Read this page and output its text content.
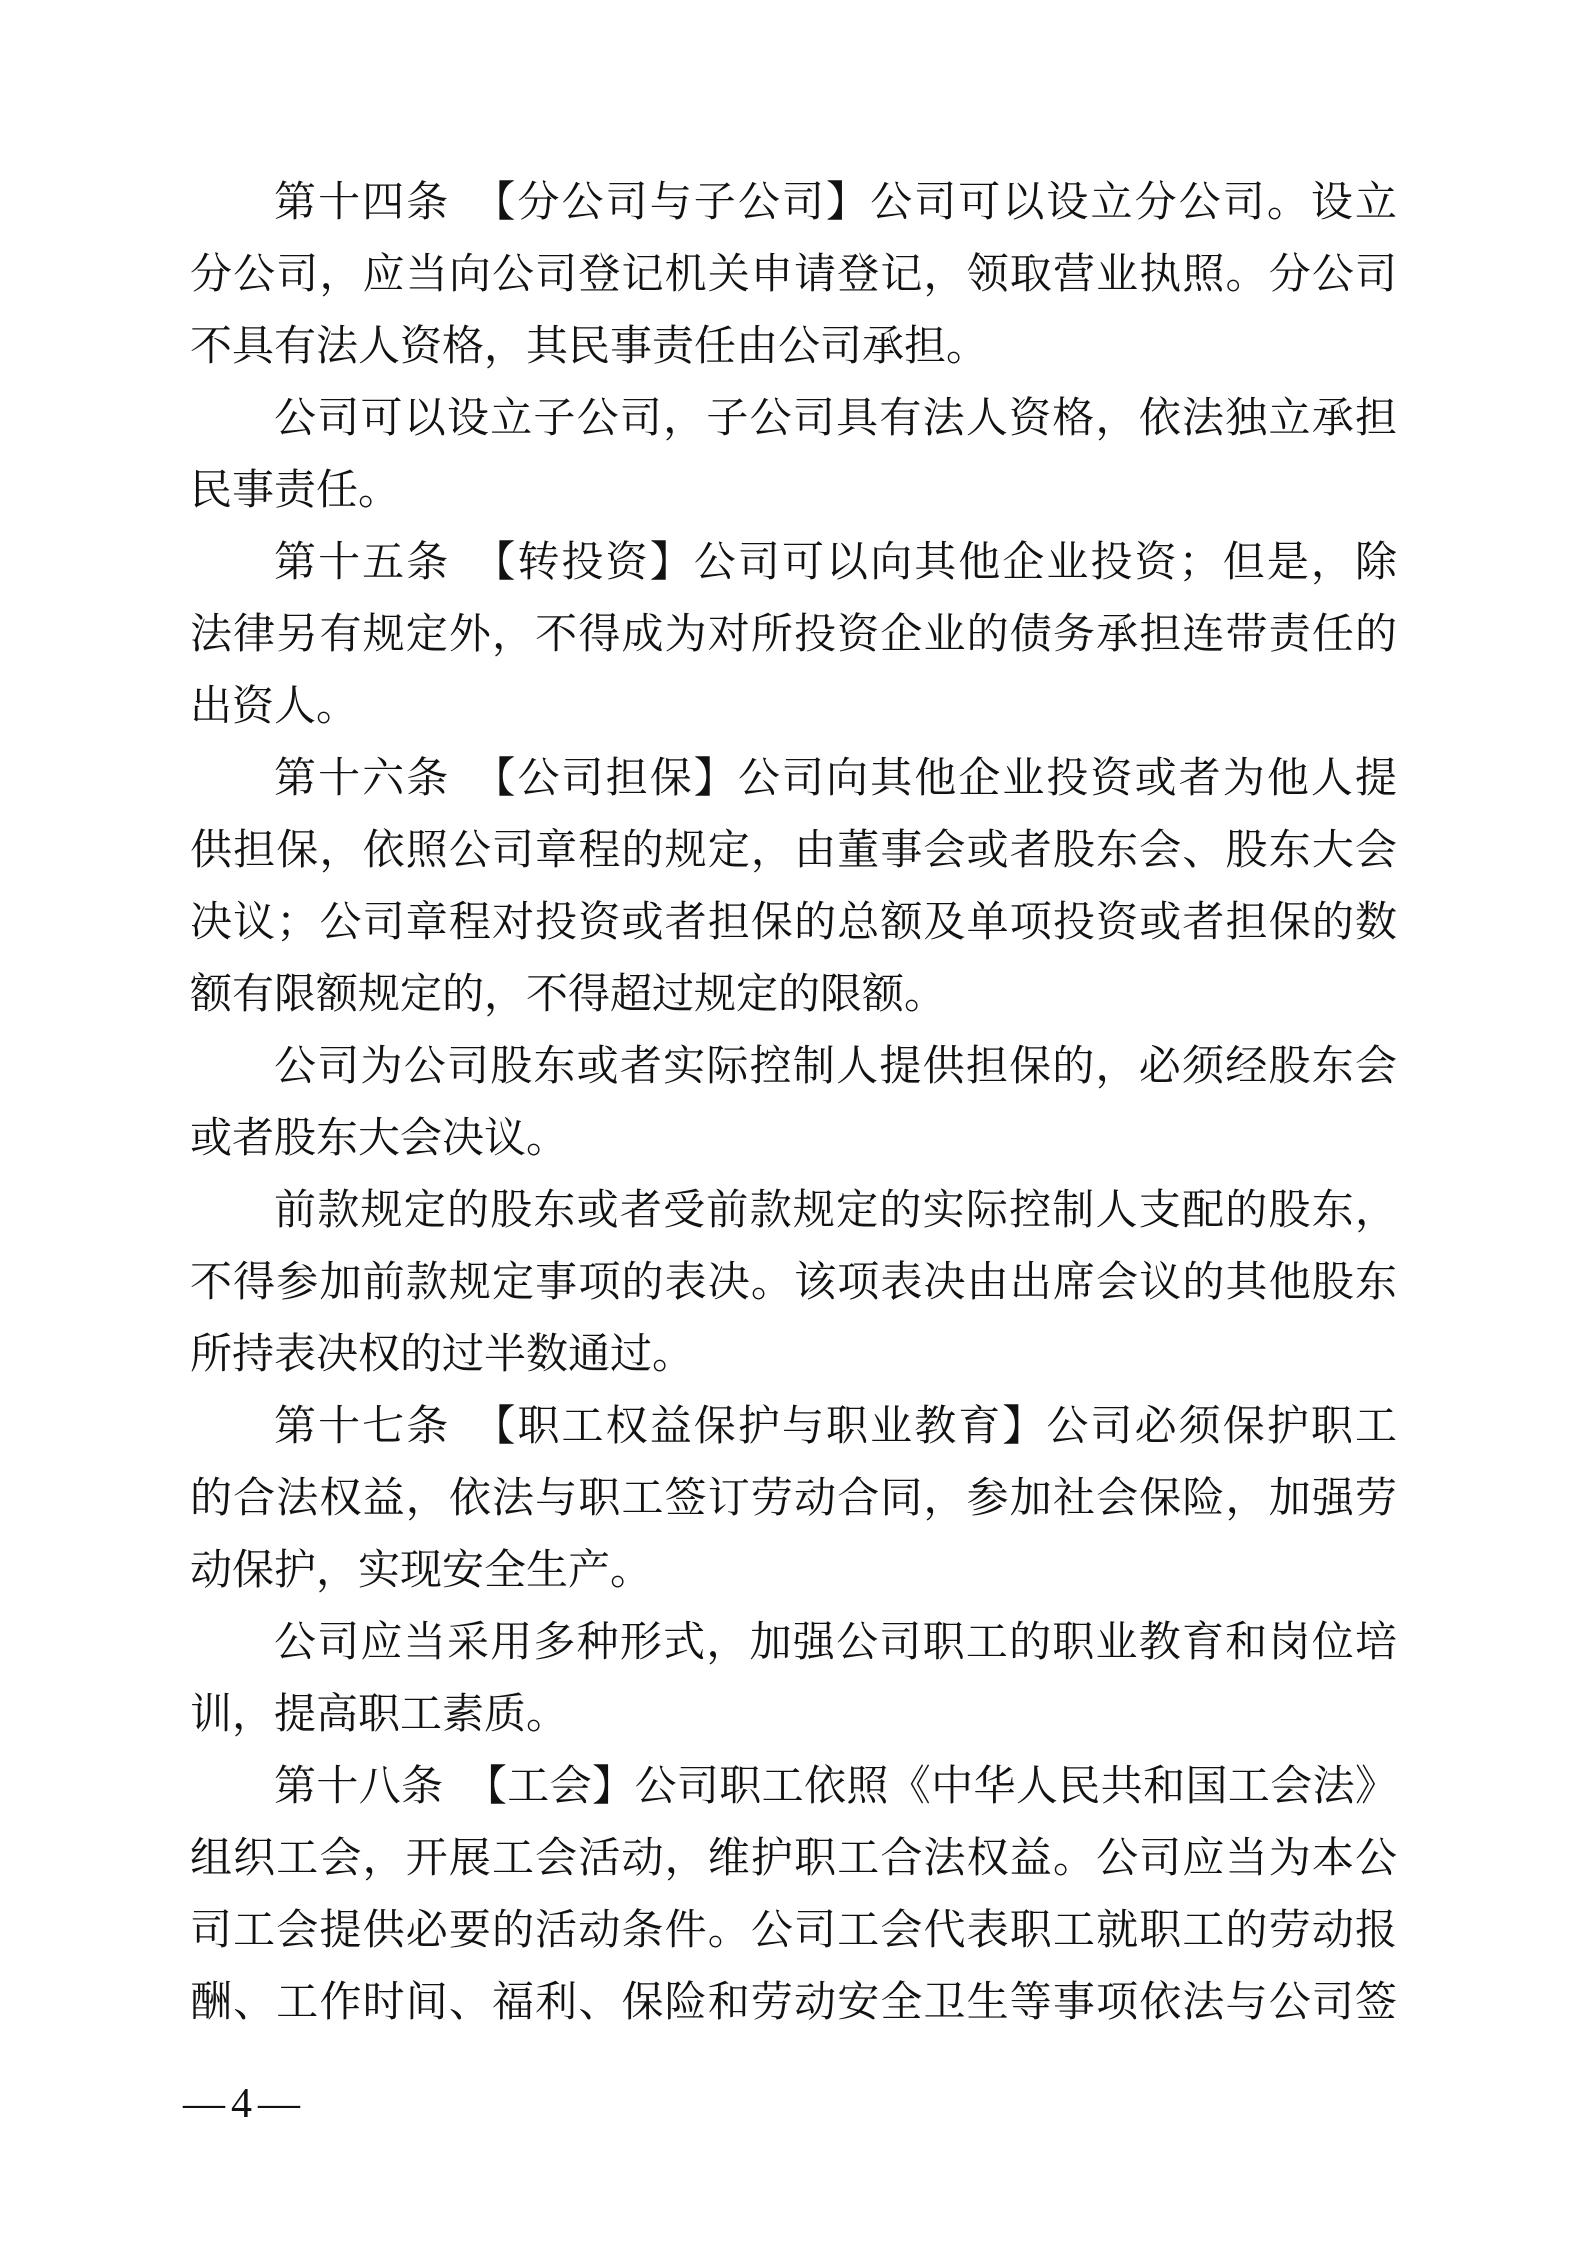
第十四条　【分公司与子公司】公司可以设立分公司。设立
分公司，应当向公司登记机关申请登记，领取营业执照。分公司
不具有法人资格，其民事责任由公司承担。
公司可以设立子公司，子公司具有法人资格，依法独立承担
民事责任。
第十五条　【转投资】公司可以向其他企业投资；但是，除
法律另有规定外，不得成为对所投资企业的债务承担连带责任的
出资人。
第十六条　【公司担保】公司向其他企业投资或者为他人提
供担保，依照公司章程的规定，由董事会或者股东会、股东大会
决议；公司章程对投资或者担保的总额及单项投资或者担保的数
额有限额规定的，不得超过规定的限额。
公司为公司股东或者实际控制人提供担保的，必须经股东会
或者股东大会决议。
前款规定的股东或者受前款规定的实际控制人支配的股东，
不得参加前款规定事项的表决。该项表决由出席会议的其他股东
所持表决权的过半数通过。
第十七条　【职工权益保护与职业教育】公司必须保护职工
的合法权益，依法与职工签订劳动合同，参加社会保险，加强劳
动保护，实现安全生产。
公司应当采用多种形式，加强公司职工的职业教育和岗位培
训，提高职工素质。
第十八条　【工会】公司职工依照《中华人民共和国工会法》
组织工会，开展工会活动，维护职工合法权益。公司应当为本公
司工会提供必要的活动条件。公司工会代表职工就职工的劳动报
酬、工作时间、福利、保险和劳动安全卫生等事项依法与公司签
—4—
